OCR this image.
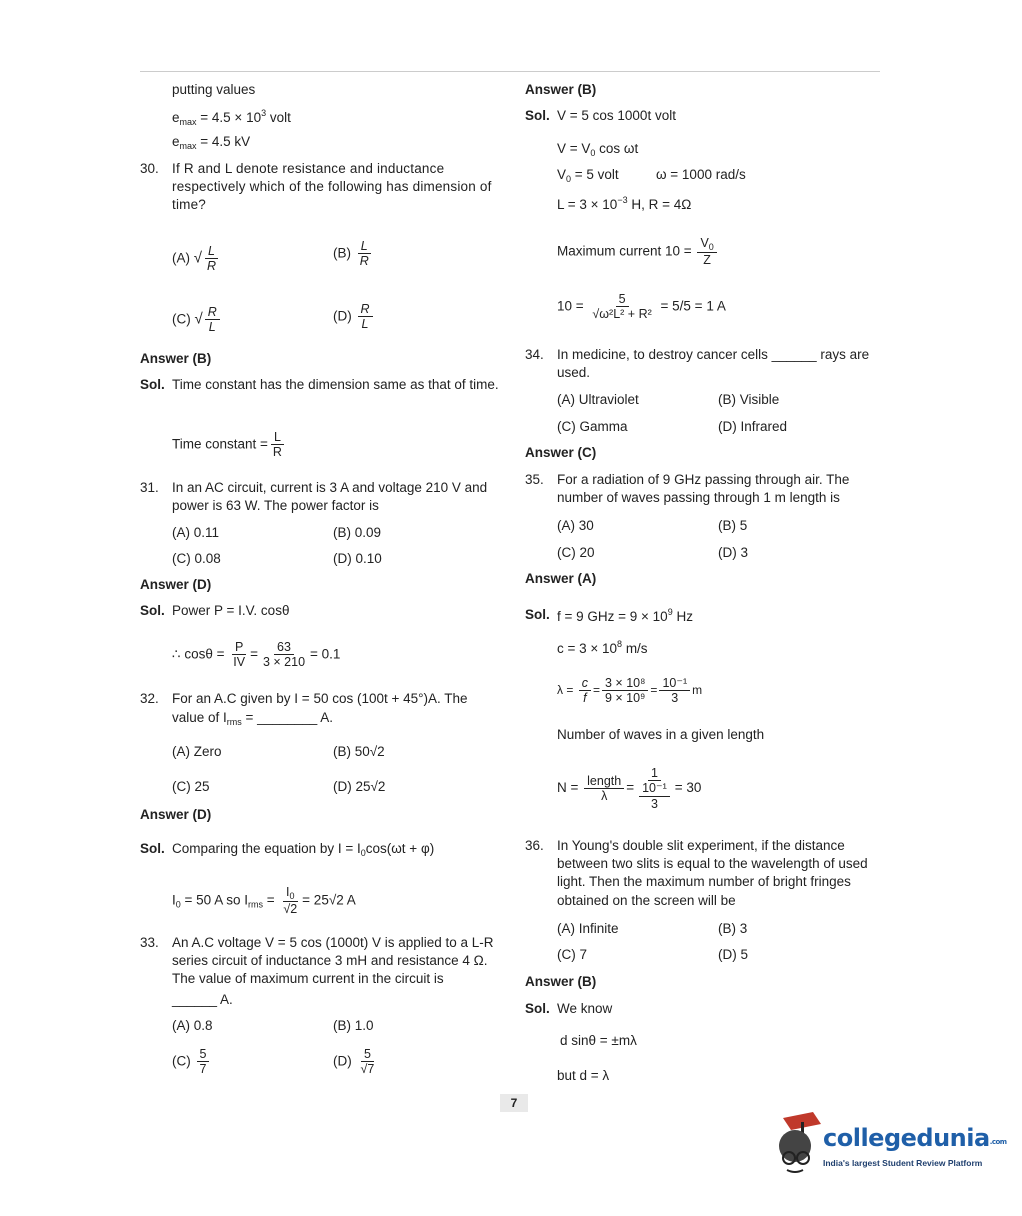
putting values
$e_{max} = 4.5 \times 10^3$ volt
$e_{max} = 4.5$ kV
30. If R and L denote resistance and inductance respectively which of the following has dimension of time?
(A) √ $\frac{L}{R}$	$(B) \frac{L}{R}$
(C) √ $\frac{R}{L}$	$(D) \frac{R}{L}$
Answer (B)
Sol. Time constant has the dimension same as that of time.
Time constant = $\frac{L}{R}$
31. In an AC circuit, current is 3 A and voltage 210 V and power is 63 W. The power factor is
(A) 0.11	(B) 0.09
(C) 0.08	(D) 0.10
Answer (D)
Sol. Power P = I.V. cosθ
∴ $\cos\theta = \frac{P}{IV} = \frac{63}{3 \times 210} = 0.1$
32. For an A.C given by I = 50 cos (100t + 45°)A. The
value of $I_{rms}$ = ________ A.
(A) Zero	(B) 50√2
(C) 25	(D) 25√2
Answer (D)
Sol. Comparing the equation by $I = I_0\cos(\omega t + \varphi)$
$I_0 = 50$ A so $I_{rms} = \frac{I_0}{√2} = 25√2$ A
33. An A.C voltage V = 5 cos (1000t) V is applied to a L-R series circuit of inductance 3 mH and resistance 4 Ω. The value of maximum current in the circuit is
______ A.
(A) 0.8	(B) 1.0
$(C) \frac{5}{7}$	$(D) \frac{5}{√7}$
Answer (B)
Sol. V = 5 cos 1000t volt
$V = V_0$ cos ωt
$V_0 = 5$ volt	ω = 1000 rad/s
$L = 3 \times 10^{-3}$ H, R = 4Ω
Maximum current $10 = \frac{V_0}{Z}$
$10 = \frac{5}{\text{√ω²L² + R²}} = 5/5 = 1$ A
34. In medicine, to destroy cancer cells ______ rays are used.
(A) Ultraviolet	(B) Visible
(C) Gamma	(D) Infrared
Answer (C)
35. For a radiation of 9 GHz passing through air. The number of waves passing through 1 m length is
(A) 30	(B) 5
(C) 20	(D) 3
Answer (A)
Sol. f = 9 GHz = $9 \times 10^9$ Hz
$c = 3 \times 10^8$ m/s
$\lambda = \frac{c}{f} = \frac{\text{3 × 10⁸}}{\text{9 × 10⁹}} = \frac{\text{10⁻¹}}{3}$ m
Number of waves in a given length
$N = \frac{\text{length}}{\lambda} = \frac{1}{\frac{\text{10⁻¹}}{3}} = 30$
36. In Young's double slit experiment, if the distance between two slits is equal to the wavelength of used light. Then the maximum number of bright fringes obtained on the screen will be
(A) Infinite	(B) 3
(C) 7	(D) 5
Answer (B)
Sol. We know
d sinθ = ±mλ
but d = λ
7
collegedunia.com
India's largest Student Review Platform
